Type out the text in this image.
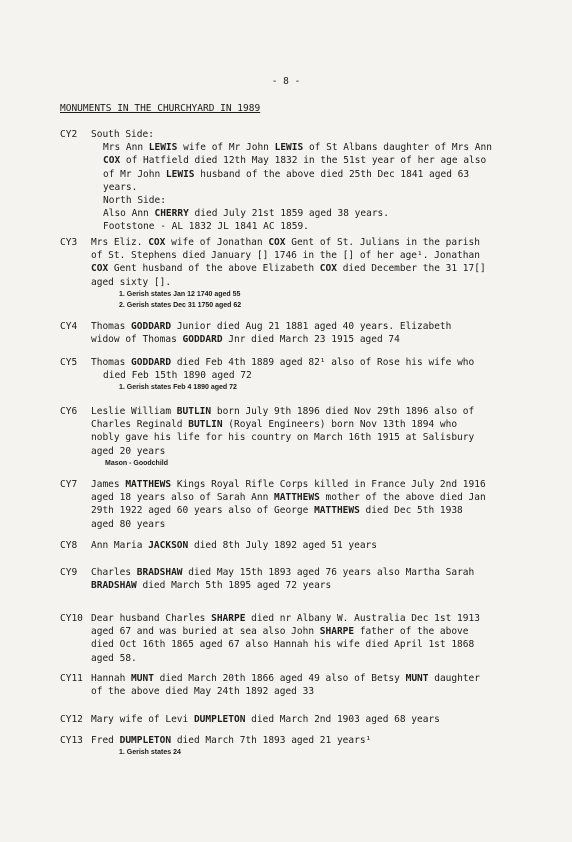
- 8 -
MONUMENTS IN THE CHURCHYARD IN 1989
CY2 South Side:
Mrs Ann LEWIS wife of Mr John LEWIS of St Albans daughter of Mrs Ann
COX of Hatfield died 12th May 1832 in the 51st year of her age also
of Mr John LEWIS husband of the above died 25th Dec 1841 aged 63
years.
North Side:
Also Ann CHERRY died July 21st 1859 aged 38 years.
Footstone - AL 1832 JL 1841 AC 1859.
CY3 Mrs Eliz. COX wife of Jonathan COX Gent of St. Julians in the parish
of St. Stephens died January [] 1746 in the [] of her age¹. Jonathan
COX Gent husband of the above Elizabeth COX died December the 31 17[]
aged sixty [].
1. Gerish states Jan 12 1740 aged 55
2. Gerish states Dec 31 1750 aged 62
CY4 Thomas GODDARD Junior died Aug 21 1881 aged 40 years. Elizabeth
widow of Thomas GODDARD Jnr died March 23 1915 aged 74
CY5 Thomas GODDARD died Feb 4th 1889 aged 82¹ also of Rose his wife who
died Feb 15th 1890 aged 72
1. Gerish states Feb 4 1890 aged 72
CY6 Leslie William BUTLIN born July 9th 1896 died Nov 29th 1896 also of
Charles Reginald BUTLIN (Royal Engineers) born Nov 13th 1894 who
nobly gave his life for his country on March 16th 1915 at Salisbury
aged 20 years
Mason - Goodchild
CY7 James MATTHEWS Kings Royal Rifle Corps killed in France July 2nd 1916
aged 18 years also of Sarah Ann MATTHEWS mother of the above died Jan
29th 1922 aged 60 years also of George MATTHEWS died Dec 5th 1938
aged 80 years
CY8 Ann Maria JACKSON died 8th July 1892 aged 51 years
CY9 Charles BRADSHAW died May 15th 1893 aged 76 years also Martha Sarah
BRADSHAW died March 5th 1895 aged 72 years
CY10 Dear husband Charles SHARPE died nr Albany W. Australia Dec 1st 1913
aged 67 and was buried at sea also John SHARPE father of the above
died Oct 16th 1865 aged 67 also Hannah his wife died April 1st 1868
aged 58.
CY11 Hannah MUNT died March 20th 1866 aged 49 also of Betsy MUNT daughter
of the above died May 24th 1892 aged 33
CY12 Mary wife of Levi DUMPLETON died March 2nd 1903 aged 68 years
CY13 Fred DUMPLETON died March 7th 1893 aged 21 years¹
1. Gerish states 24
